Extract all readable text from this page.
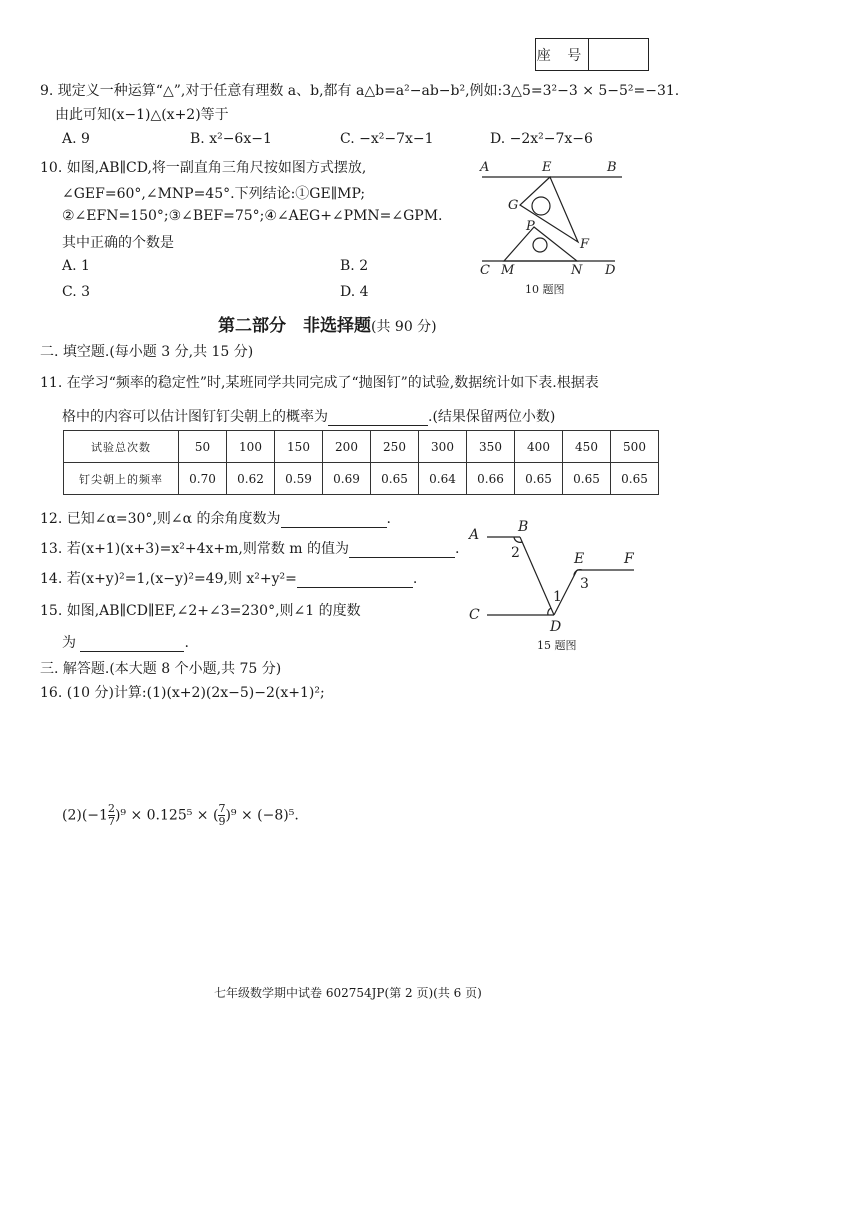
座 号
9. 现定义一种运算“△”,对于任意有理数 a、b,都有 a△b=a²−ab−b²,例如:3△5=3²−3 × 5−5²=−31.
由此可知(x−1)△(x+2)等于
A. 9	B. x²−6x−1	C. −x²−7x−1	D. −2x²−7x−6
10. 如图,AB∥CD,将一副直角三角尺按如图方式摆放,
∠GEF=60°,∠MNP=45°.下列结论:①GE∥MP;
②∠EFN=150°;③∠BEF=75°;④∠AEG+∠PMN=∠GPM.
其中正确的个数是
A. 1	B. 2
C. 3	D. 4
A	E	B
G
P
F
C M	N D
10 题图
第二部分　非选择题(共 90 分)
二. 填空题.(每小题 3 分,共 15 分)
11. 在学习“频率的稳定性”时,某班同学共同完成了“抛图钉”的试验,数据统计如下表.根据表
格中的内容可以估计图钉钉尖朝上的概率为	.(结果保留两位小数)
试验总次数	50	100	150	200	250	300	350	400	450	500
钉尖朝上的频率	0.70	0.62	0.59	0.69	0.65	0.64	0.66	0.65	0.65	0.65
12. 已知∠α=30°,则∠α 的余角度数为	.
13. 若(x+1)(x+3)=x²+4x+m,则常数 m 的值为	.
14. 若(x+y)²=1,(x−y)²=49,则 x²+y²=	.
15. 如图,AB∥CD∥EF,∠2+∠3=230°,则∠1 的度数
为	.
A	B
2	E	F
3
1
C
D
15 题图
三. 解答题.(本大题 8 个小题,共 75 分)
16. (10 分)计算:(1)(x+2)(2x−5)−2(x+1)²;
$(2)(-1 \frac{2}{7} )^9 \times 0.125^5$ × ( $\frac{7}{9} )^9 \times (-8)^5$.
七年级数学期中试卷 602754JP(第 2 页)(共 6 页)
